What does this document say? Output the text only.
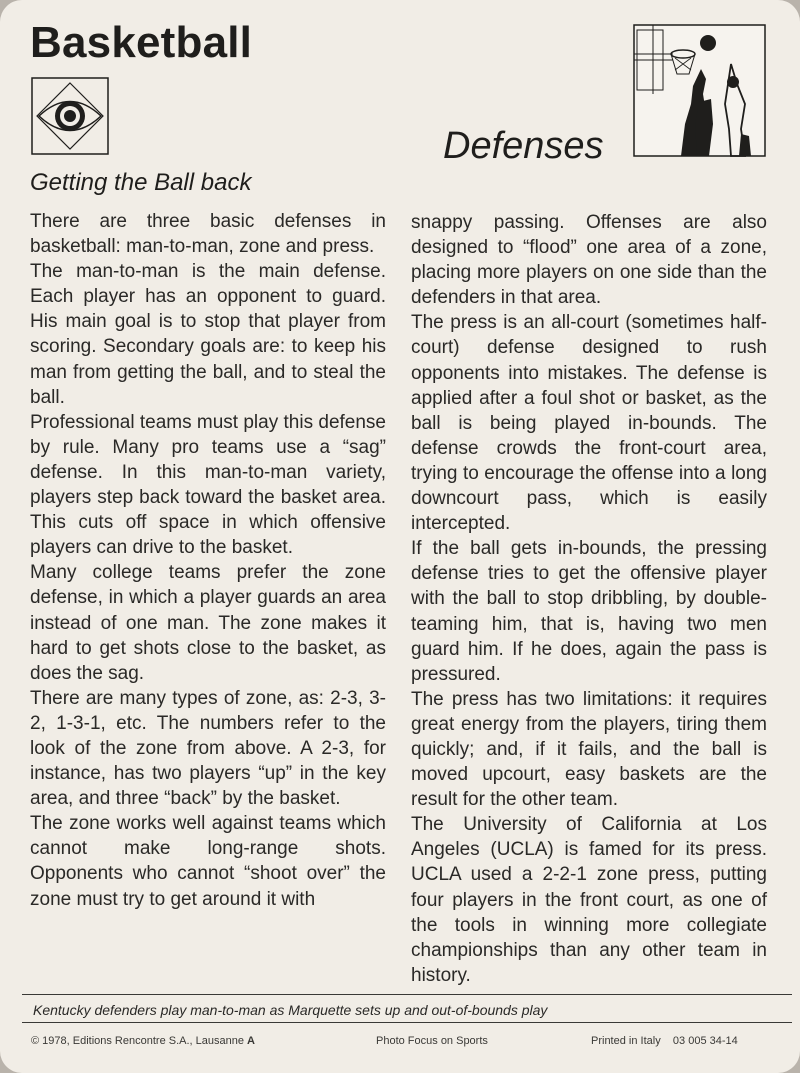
Basketball
Defenses
Getting the Ball back

There are three basic defenses in basketball: man-to-man, zone and press.

The man-to-man is the main defense. Each player has an opponent to guard. His main goal is to stop that player from scoring. Secondary goals are: to keep his man from getting the ball, and to steal the ball.

Professional teams must play this defense by rule. Many pro teams use a “sag” defense. In this man-to-man variety, players step back toward the basket area. This cuts off space in which offensive players can drive to the basket.

Many college teams prefer the zone defense, in which a player guards an area instead of one man. The zone makes it hard to get shots close to the basket, as does the sag.

There are many types of zone, as: 2-3, 3-2, 1-3-1, etc. The numbers refer to the look of the zone from above. A 2-3, for instance, has two players “up” in the key area, and three “back” by the basket.

The zone works well against teams which cannot make long-range shots. Opponents who cannot “shoot over” the zone must try to get around it with

snappy passing. Offenses are also designed to “flood” one area of a zone, placing more players on one side than the defenders in that area.

The press is an all-court (sometimes half-court) defense designed to rush opponents into mistakes. The defense is applied after a foul shot or basket, as the ball is being played in-bounds. The defense crowds the front-court area, trying to encourage the offense into a long downcourt pass, which is easily intercepted.

If the ball gets in-bounds, the pressing defense tries to get the offensive player with the ball to stop dribbling, by double-teaming him, that is, having two men guard him. If he does, again the pass is pressured.

The press has two limitations: it requires great energy from the players, tiring them quickly; and, if it fails, and the ball is moved upcourt, easy baskets are the result for the other team.

The University of California at Los Angeles (UCLA) is famed for its press. UCLA used a 2-2-1 zone press, putting four players in the front court, as one of the tools in winning more collegiate championships than any other team in history.

Kentucky defenders play man-to-man as Marquette sets up and out-of-bounds play
© 1978, Editions Rencontre S.A., Lausanne A	Photo Focus on Sports	Printed in Italy    03 005 34-14
